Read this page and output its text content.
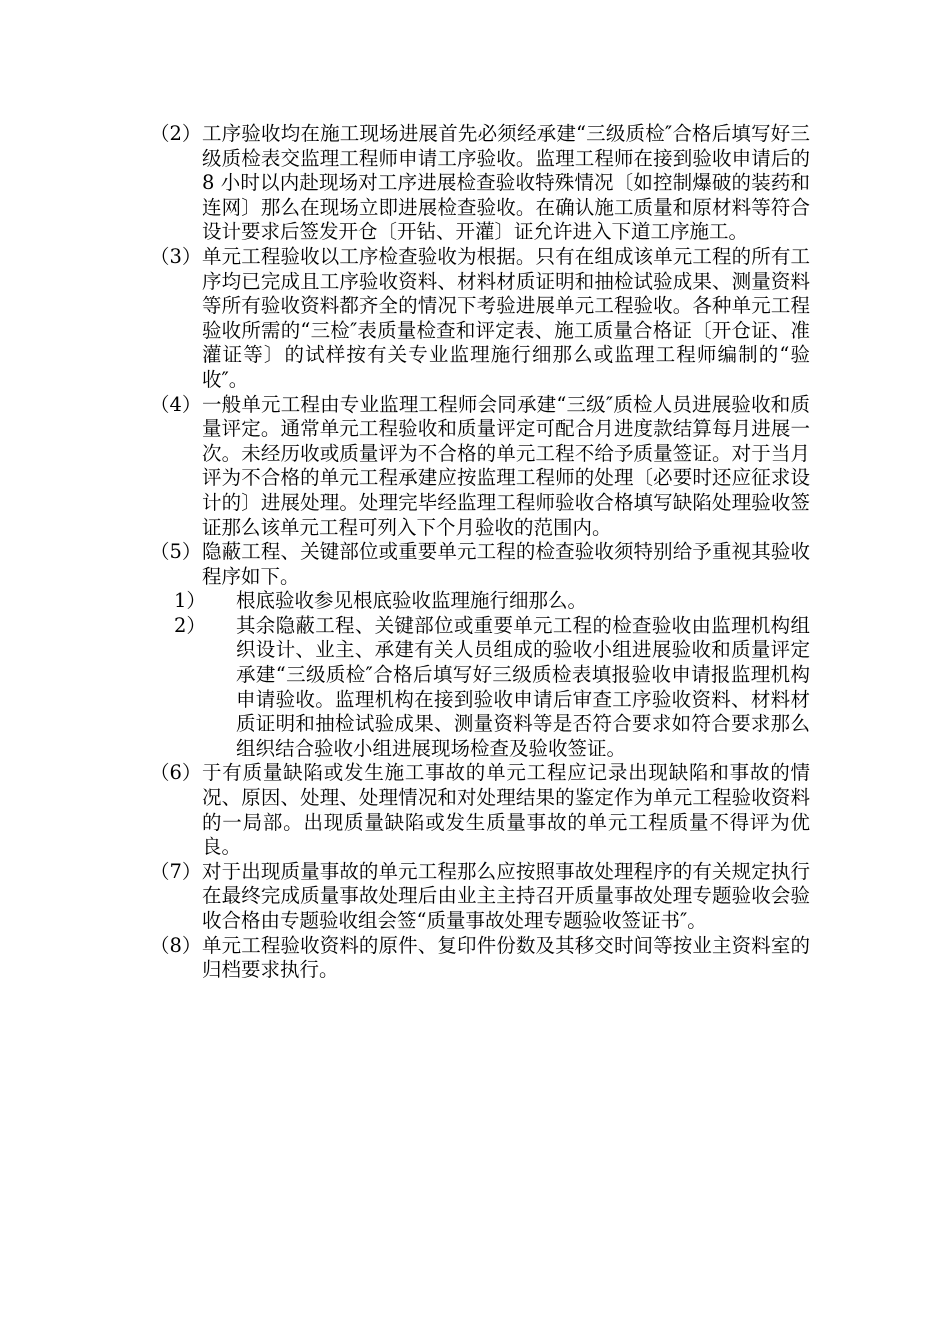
（2） 工序验收均在施工现场进展首先必须经承建“三级质检″合格后填写好三级质检表交监理工程师申请工序验收。监理工程师在接到验收申请后的 8 小时以内赴现场对工序进展检查验收特殊情况〔如控制爆破的装药和连网〕那么在现场立即进展检查验收。在确认施工质量和原材料等符合设计要求后签发开仓〔开钻、开灌〕证允许进入下道工序施工。
（3） 单元工程验收以工序检查验收为根据。只有在组成该单元工程的所有工序均已完成且工序验收资料、材料材质证明和抽检试验成果、测量资料等所有验收资料都齐全的情况下考验进展单元工程验收。各种单元工程验收所需的“三检″表质量检查和评定表、施工质量合格证〔开仓证、准灌证等〕的试样按有关专业监理施行细那么或监理工程师编制的“验收″。
（4） 一般单元工程由专业监理工程师会同承建“三级″质检人员进展验收和质量评定。通常单元工程验收和质量评定可配合月进度款结算每月进展一次。未经历收或质量评为不合格的单元工程不给予质量签证。对于当月评为不合格的单元工程承建应按监理工程师的处理〔必要时还应征求设计的〕进展处理。处理完毕经监理工程师验收合格填写缺陷处理验收签证那么该单元工程可列入下个月验收的范围内。
（5） 隐蔽工程、关键部位或重要单元工程的检查验收须特别给予重视其验收程序如下。
1） 根底验收参见根底验收监理施行细那么。
2） 其余隐蔽工程、关键部位或重要单元工程的检查验收由监理机构组织设计、业主、承建有关人员组成的验收小组进展验收和质量评定承建“三级质检″合格后填写好三级质检表填报验收申请报监理机构申请验收。监理机构在接到验收申请后审查工序验收资料、材料材质证明和抽检试验成果、测量资料等是否符合要求如符合要求那么组织结合验收小组进展现场检查及验收签证。
（6） 于有质量缺陷或发生施工事故的单元工程应记录出现缺陷和事故的情况、原因、处理、处理情况和对处理结果的鉴定作为单元工程验收资料的一局部。出现质量缺陷或发生质量事故的单元工程质量不得评为优良。
（7） 对于出现质量事故的单元工程那么应按照事故处理程序的有关规定执行在最终完成质量事故处理后由业主主持召开质量事故处理专题验收会验收合格由专题验收组会签“质量事故处理专题验收签证书″。
（8） 单元工程验收资料的原件、复印件份数及其移交时间等按业主资料室的归档要求执行。
